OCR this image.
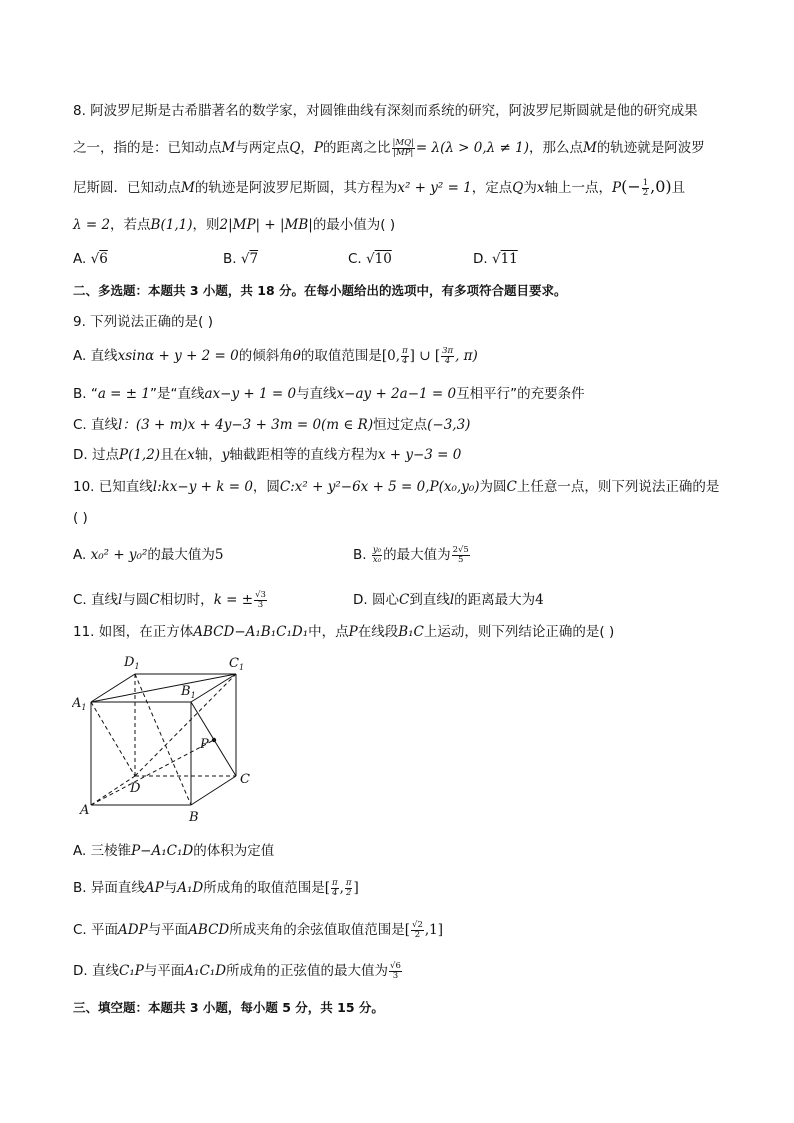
8. 阿波罗尼斯是古希腊著名的数学家，对圆锥曲线有深刻而系统的研究，阿波罗尼斯圆就是他的研究成果
之一，指的是：已知动点M与两定点Q，P的距离之比 $\frac{|MQ|}{|MP|} = \lambda(\lambda > 0,\lambda \ne 1)$，那么点M的轨迹就是阿波罗
尼斯圆．已知动点M的轨迹是阿波罗尼斯圆，其方程为x² + y² = 1，定点Q为x轴上一点，$P(- \frac{1}{2} ,0)$且
λ = 2，若点B(1,1)，则2|MP| + |MB|的最小值为( )
A. √6	B. √7	C. √10	D. √11
二、多选题：本题共 3 小题，共 18 分。在每小题给出的选项中，有多项符合题目要求。
9. 下列说法正确的是( )
A. 直线xsinα + y + 2 = 0的倾斜角θ的取值范围是[0, $\frac{\pi}{4}$ ] ∪ [ $\frac{3\pi}{4}$ , π)
B. “a = ± 1”是“直线ax−y + 1 = 0与直线x−ay + 2a−1 = 0互相平行”的充要条件
C. 直线l：(3 + m)x + 4y−3 + 3m = 0(m ∈ R)恒过定点(−3,3)
D. 过点P(1,2)且在x轴，y轴截距相等的直线方程为x + y−3 = 0
10. 已知直线l:kx−y + k = 0，圆C:x² + y²−6x + 5 = 0,P(x₀,y₀)为圆C上任意一点，则下列说法正确的是
( )
A. x₀² + y₀²的最大值为5	B. $\frac{\text{y₀}}{\text{x₀}}$ 的最大值为 $\frac{2√5}{5}$
C. 直线l与圆C相切时，k = ± $\frac{√3}{3}$	D. 圆心C到直线l的距离最大为4
11. 如图，在正方体ABCD−A₁B₁C₁D₁中，点P在线段B₁C上运动，则下列结论正确的是( )
$D_1$	$C_1$
$B_1$
$A_1$
P
C
D
A	B
A. 三棱锥P−A₁C₁D的体积为定值
B. 异面直线AP与A₁D所成角的取值范围是[ $\frac{\pi}{4}$ , $\frac{\pi}{2}$ ]
C. 平面ADP与平面ABCD所成夹角的余弦值取值范围是[ $\frac{√2}{2} ,1$]
D. 直线C₁P与平面A₁C₁D所成角的正弦值的最大值为 $\frac{√6}{3}$
三、填空题：本题共 3 小题，每小题 5 分，共 15 分。
